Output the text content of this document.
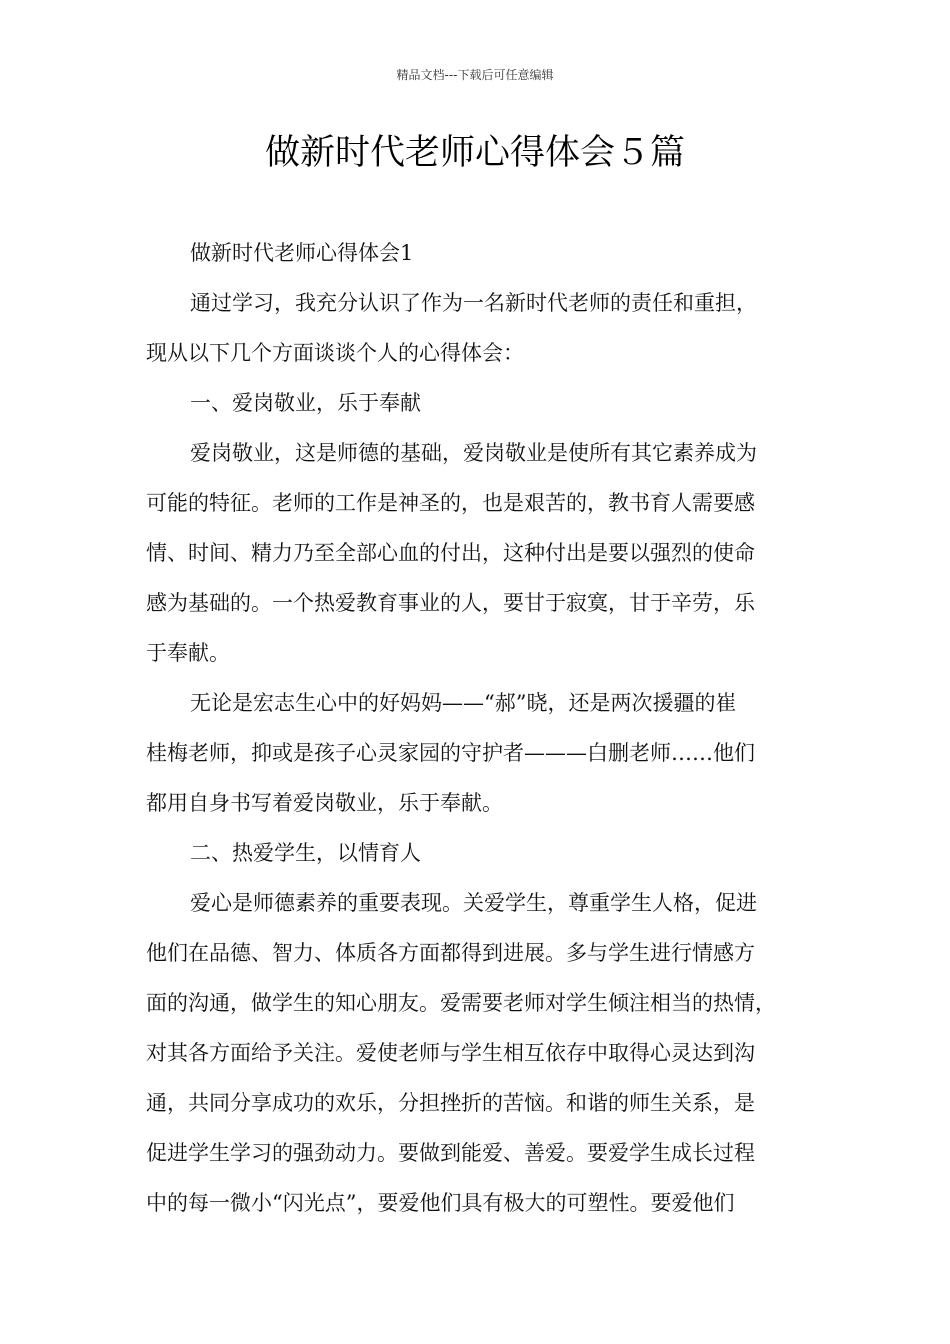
精品文档---下载后可任意编辑
做新时代老师心得体会５篇
做新时代老师心得体会1
通过学习，我充分认识了作为一名新时代老师的责任和重担，
现从以下几个方面谈谈个人的心得体会：
一、爱岗敬业，乐于奉献
爱岗敬业，这是师德的基础，爱岗敬业是使所有其它素养成为
可能的特征。老师的工作是神圣的，也是艰苦的，教书育人需要感
情、时间、精力乃至全部心血的付出，这种付出是要以强烈的使命
感为基础的。一个热爱教育事业的人，要甘于寂寞，甘于辛劳，乐
于奉献。
无论是宏志生心中的好妈妈——“郝”晓，还是两次援疆的崔
桂梅老师，抑或是孩子心灵家园的守护者———白删老师……他们
都用自身书写着爱岗敬业，乐于奉献。
二、热爱学生，以情育人
爱心是师德素养的重要表现。关爱学生，尊重学生人格，促进
他们在品德、智力、体质各方面都得到进展。多与学生进行情感方
面的沟通，做学生的知心朋友。爱需要老师对学生倾注相当的热情，
对其各方面给予关注。爱使老师与学生相互依存中取得心灵达到沟
通，共同分享成功的欢乐，分担挫折的苦恼。和谐的师生关系，是
促进学生学习的强劲动力。要做到能爱、善爱。要爱学生成长过程
中的每一微小“闪光点”，要爱他们具有极大的可塑性。要爱他们
